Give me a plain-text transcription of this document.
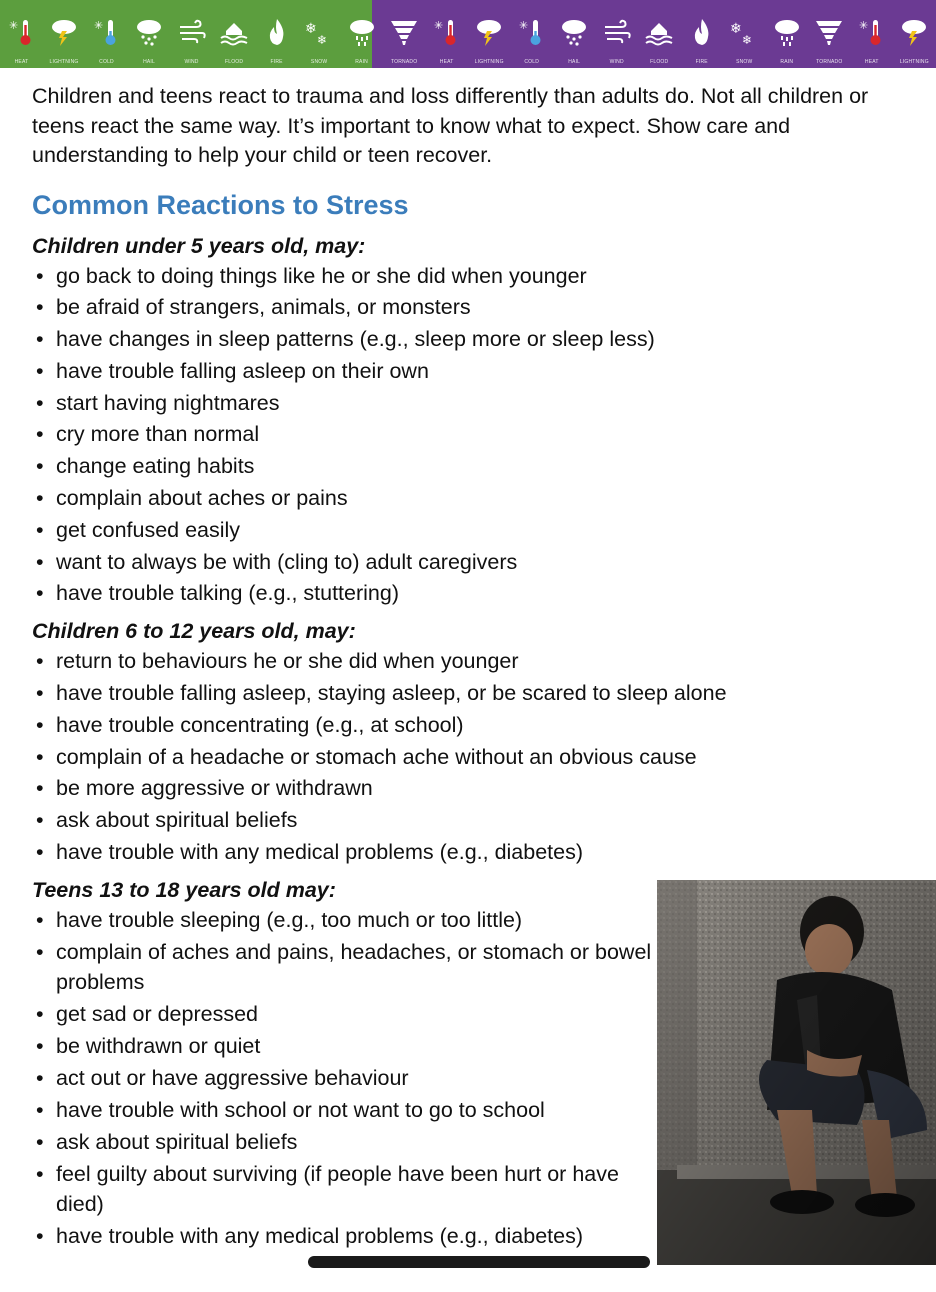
✳
HEAT	LIGHTNING
✳
COLD	HAIL	WIND	FLOOD	FIRE
❄
❄
SNOW	RAIN	TORNADO
✳
HEAT	LIGHTNING
✳
COLD	HAIL	WIND	FLOOD	FIRE
❄
❄
SNOW	RAIN	TORNADO
✳
HEAT	LIGHTNING

Children and teens react to trauma and loss differently than adults do. Not all children or teens react the same way. It’s important to know what to expect. Show care and understanding to help your child or teen recover.

Common Reactions to Stress

Children under 5 years old, may:

• go back to doing things like he or she did when younger
• be afraid of strangers, animals, or monsters
• have changes in sleep patterns (e.g., sleep more or sleep less)
• have trouble falling asleep on their own
• start having nightmares
• cry more than normal
• change eating habits
• complain about aches or pains
• get confused easily
• want to always be with (cling to) adult caregivers
• have trouble talking (e.g., stuttering)

Children 6 to 12 years old, may:

• return to behaviours he or she did when younger
• have trouble falling asleep, staying asleep, or be scared to sleep alone
• have trouble concentrating (e.g., at school)
• complain of a headache or stomach ache without an obvious cause
• be more aggressive or withdrawn
• ask about spiritual beliefs
• have trouble with any medical problems (e.g., diabetes)

Teens 13 to 18 years old may:

• have trouble sleeping (e.g., too much or too little)
• complain of aches and pains, headaches, or stomach or bowel problems
• get sad or depressed
• be withdrawn or quiet
• act out or have aggressive behaviour
• have trouble with school or not want to go to school
• ask about spiritual beliefs
• feel guilty about surviving (if people have been hurt or have died)
• have trouble with any medical problems (e.g., diabetes)
